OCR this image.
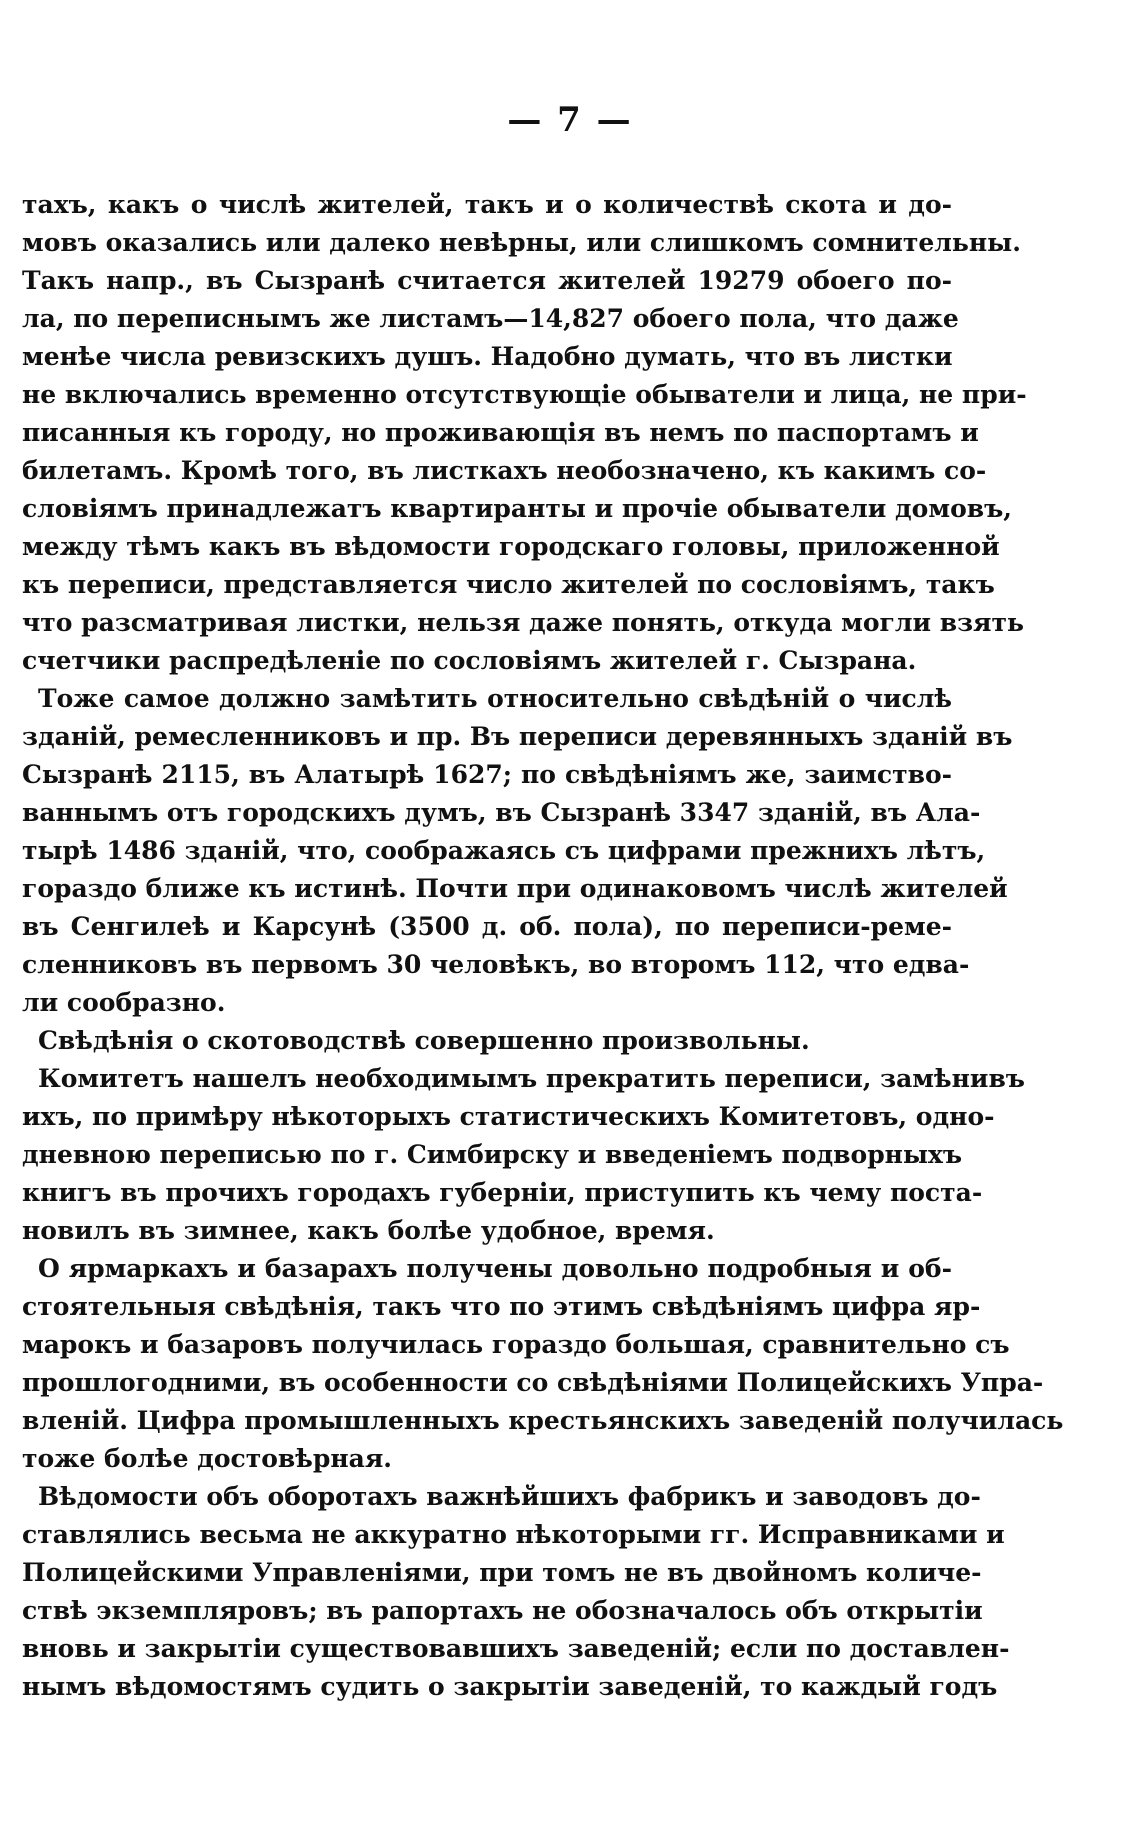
— 7 —
тахъ, какъ о числѣ жителей, такъ и о количествѣ скота и до-
мовъ оказались или далеко невѣрны, или слишкомъ сомнительны.
Такъ напр., въ Сызранѣ считается жителей 19279 обоего по-
ла, по переписнымъ же листамъ—14,827 обоего пола, что даже
менѣе числа ревизскихъ душъ. Надобно думать, что въ листки
не включались временно отсутствующіе обыватели и лица, не при-
писанныя къ городу, но проживающія въ немъ по паспортамъ и
билетамъ. Кромѣ того, въ листкахъ необозначено, къ какимъ со-
словіямъ принадлежатъ квартиранты и прочіе обыватели домовъ,
между тѣмъ какъ въ вѣдомости городскаго головы, приложенной
къ переписи, представляется число жителей по сословіямъ, такъ
что разсматривая листки, нельзя даже понять, откуда могли взять
счетчики распредѣленіе по сословіямъ жителей г. Сызрана.
Тоже самое должно замѣтить относительно свѣдѣній о числѣ
зданій, ремесленниковъ и пр. Въ переписи деревянныхъ зданій въ
Сызранѣ 2115, въ Алатырѣ 1627; по свѣдѣніямъ же, заимство-
ваннымъ отъ городскихъ думъ, въ Сызранѣ 3347 зданій, въ Ала-
тырѣ 1486 зданій, что, соображаясь съ цифрами прежнихъ лѣтъ,
гораздо ближе къ истинѣ. Почти при одинаковомъ числѣ жителей
въ Сенгилеѣ и Карсунѣ (3500 д. об. пола), по переписи-реме-
сленниковъ въ первомъ 30 человѣкъ, во второмъ 112, что едва-
ли сообразно.
Свѣдѣнія о скотоводствѣ совершенно произвольны.
Комитетъ нашелъ необходимымъ прекратить переписи, замѣнивъ
ихъ, по примѣру нѣкоторыхъ статистическихъ Комитетовъ, одно-
дневною переписью по г. Симбирску и введеніемъ подворныхъ
книгъ въ прочихъ городахъ губерніи, приступить къ чему поста-
новилъ въ зимнее, какъ болѣе удобное, время.
О ярмаркахъ и базарахъ получены довольно подробныя и об-
стоятельныя свѣдѣнія, такъ что по этимъ свѣдѣніямъ цифра яр-
марокъ и базаровъ получилась гораздо большая, сравнительно съ
прошлогодними, въ особенности со свѣдѣніями Полицейскихъ Упра-
вленій. Цифра промышленныхъ крестьянскихъ заведеній получилась
тоже болѣе достовѣрная.
Вѣдомости объ оборотахъ важнѣйшихъ фабрикъ и заводовъ до-
ставлялись весьма не аккуратно нѣкоторыми гг. Исправниками и
Полицейскими Управленіями, при томъ не въ двойномъ количе-
ствѣ экземпляровъ; въ рапортахъ не обозначалось объ открытіи
вновь и закрытіи существовавшихъ заведеній; если по доставлен-
нымъ вѣдомостямъ судить о закрытіи заведеній, то каждый годъ
